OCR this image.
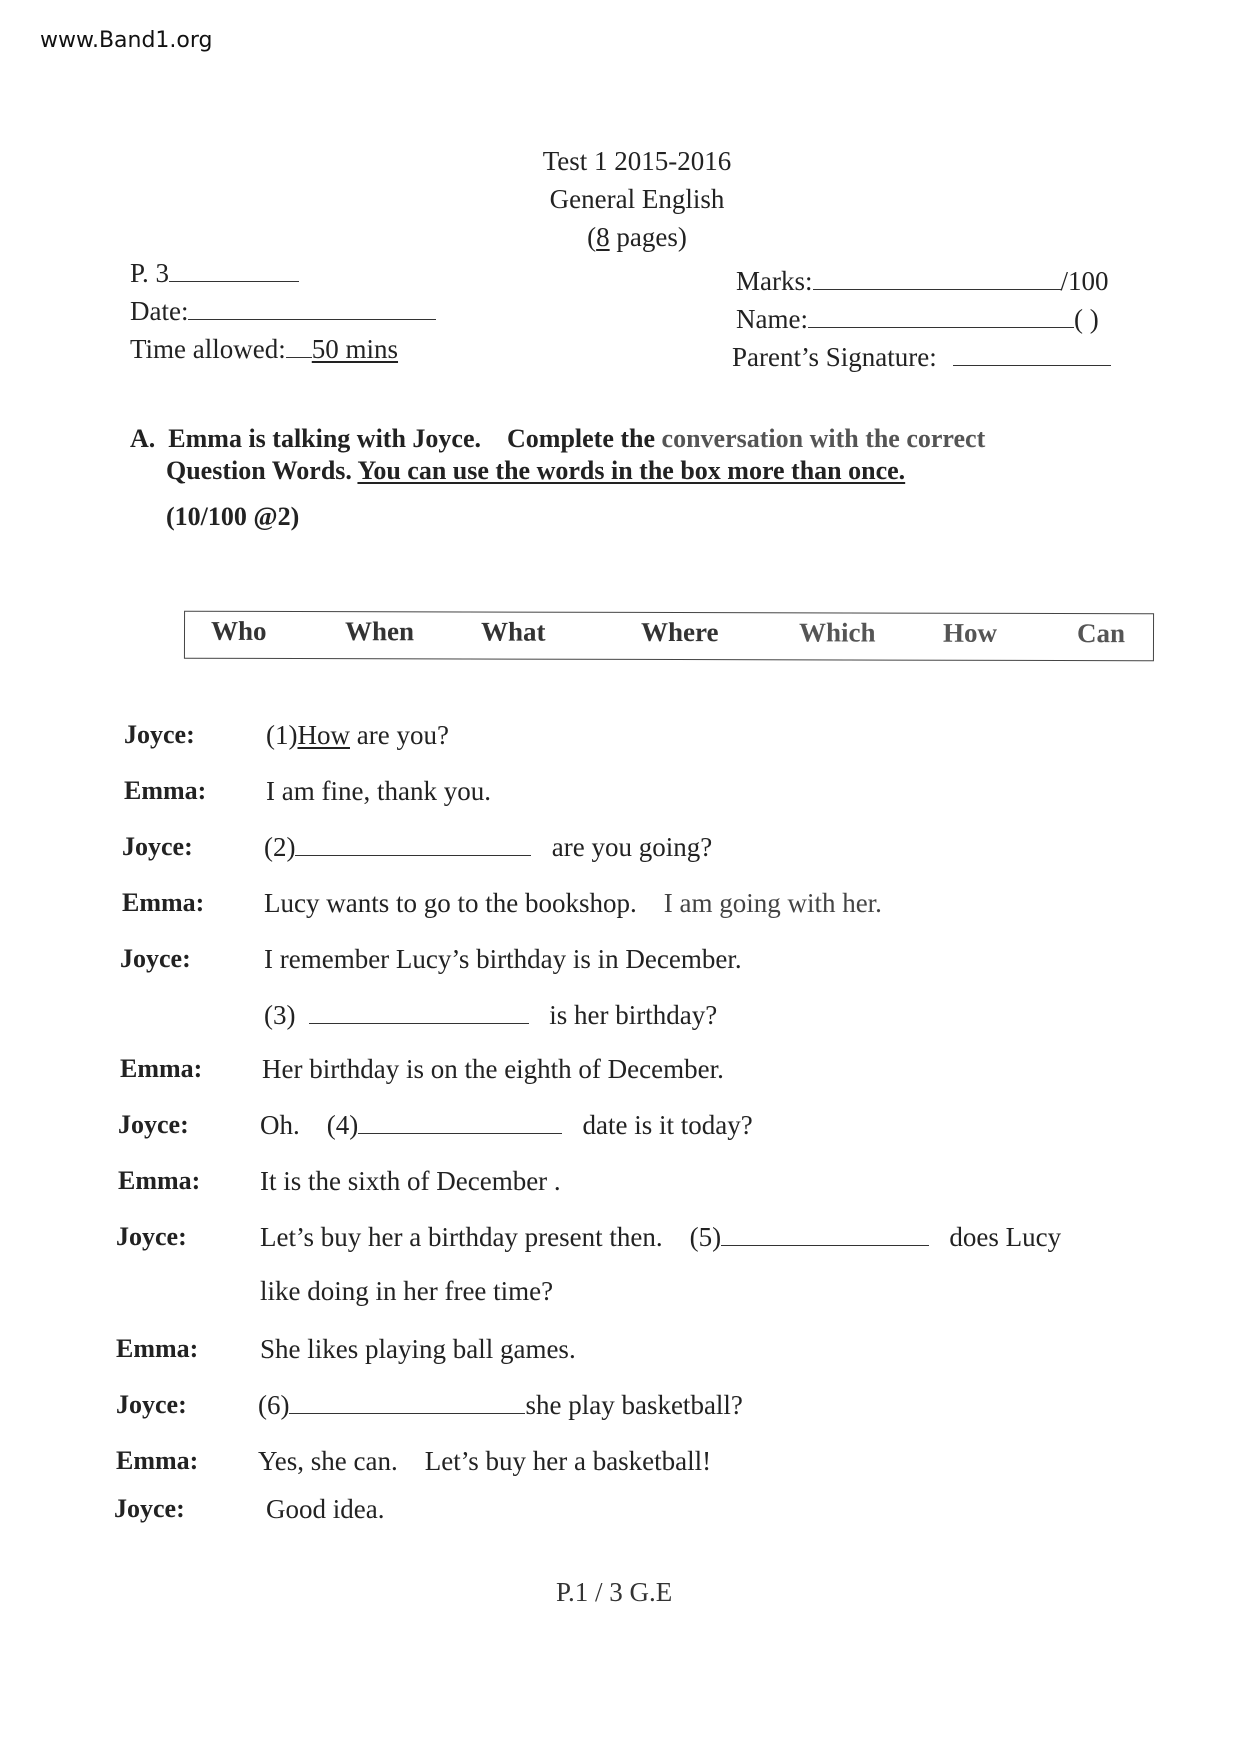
www.Band1.org
Test 1 2015-2016
General English
(8 pages)
P. 3
Date:
Time allowed: 50 mins
Marks:	/100
Name:	( )
Parent’s Signature:
A. Emma is talking with Joyce. Complete the conversation with the correct
Question Words. You can use the words in the box more than once.
(10/100 @2)
Who	When What	Where	Which How	Can
Joyce:	(1)How are you?
Emma: I am fine, thank you.
Joyce:	(2)	are you going?
Emma: Lucy wants to go to the bookshop. I am going with her.
Joyce:	I remember Lucy’s birthday is in December.
(3)	is her birthday?
Emma: Her birthday is on the eighth of December.
Joyce:	Oh. (4)	date is it today?
Emma: It is the sixth of December .
Joyce:	Let’s buy her a birthday present then. (5)	does Lucy
like doing in her free time?
Emma: She likes playing ball games.
Joyce:	(6)	she play basketball?
Emma: Yes, she can. Let’s buy her a basketball!
Joyce:	Good idea.
P.1 / 3 G.E
